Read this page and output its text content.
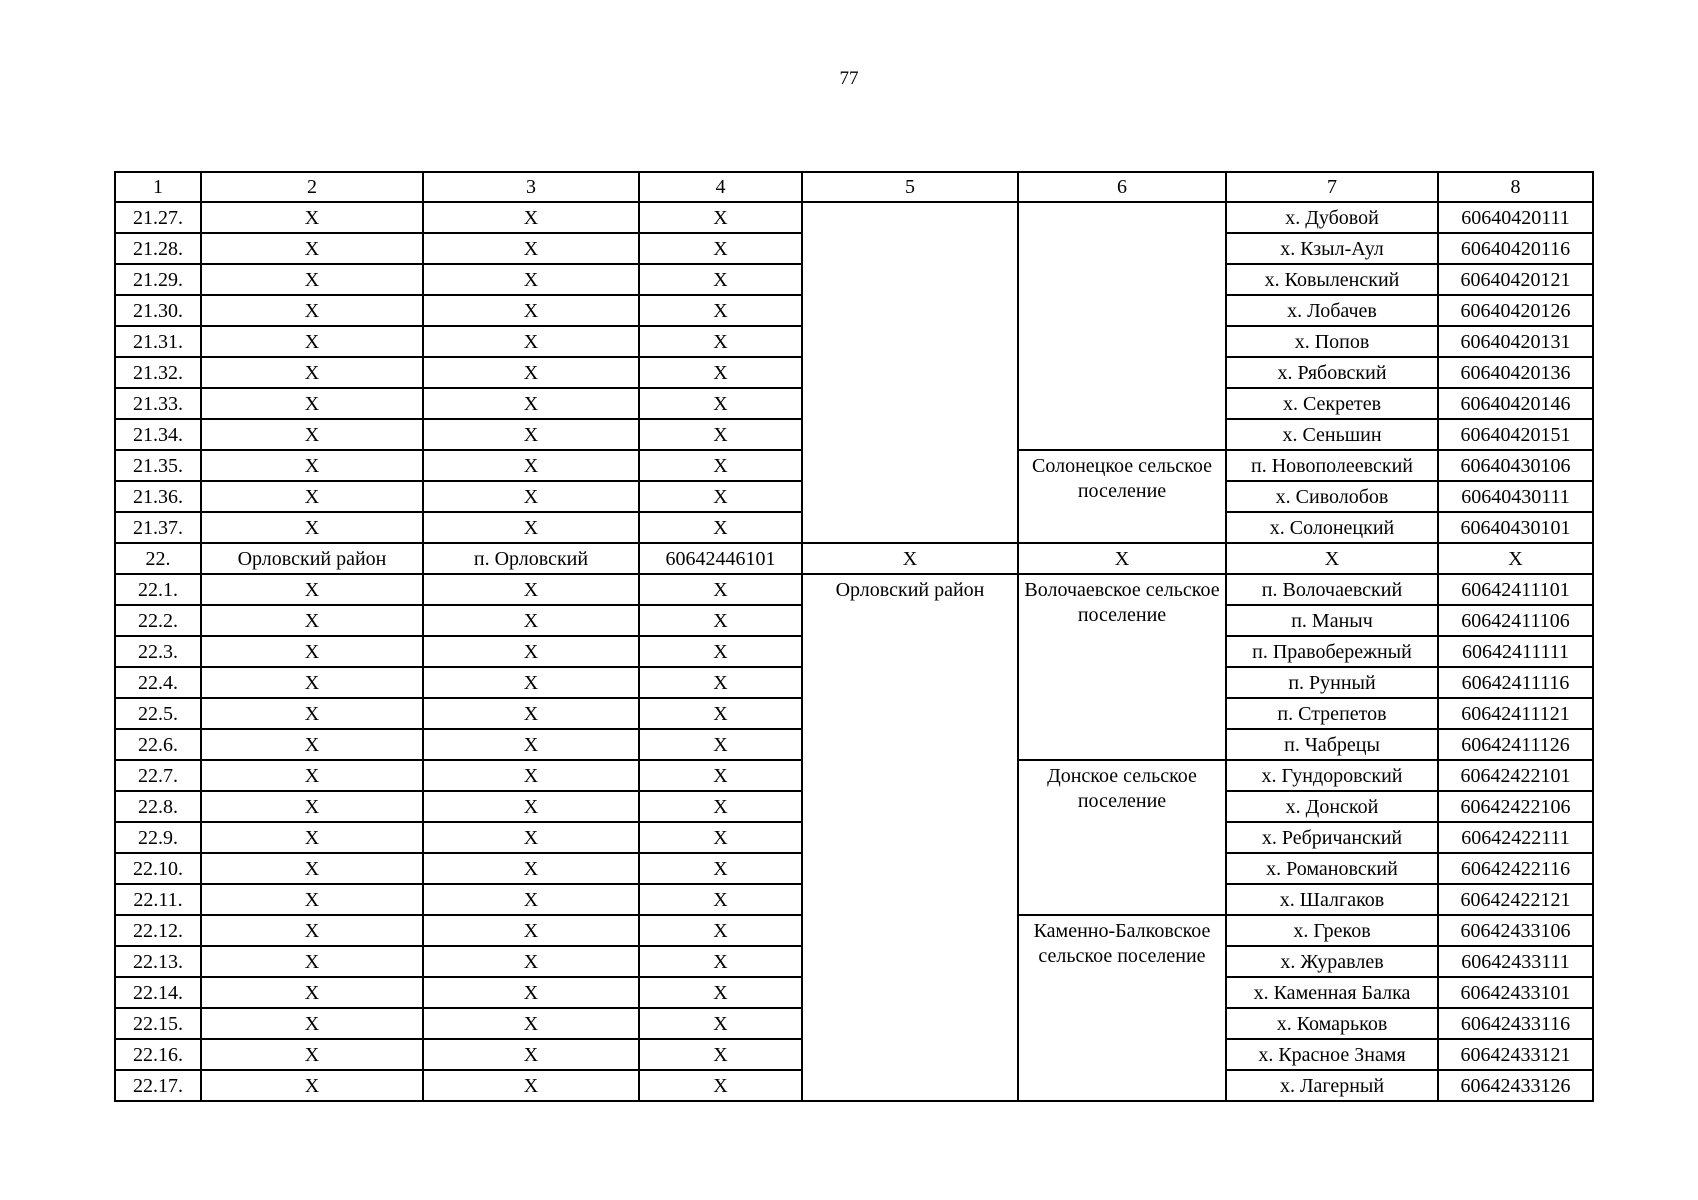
77
1	2	3	4	5	6	7	8
21.27.	X	X	X			х. Дубовой	60640420111
21.28.	X	X	X			х. Кзыл-Аул	60640420116
21.29.	X	X	X			х. Ковыленский	60640420121
21.30.	X	X	X			х. Лобачев	60640420126
21.31.	X	X	X			х. Попов	60640420131
21.32.	X	X	X			х. Рябовский	60640420136
21.33.	X	X	X			х. Секретев	60640420146
21.34.	X	X	X			х. Сеньшин	60640420151
21.35.	X	X	X		Солонецкое сельское поселение	п. Новополеевский	60640430106
21.36.	X	X	X			х. Сиволобов	60640430111
21.37.	X	X	X			х. Солонецкий	60640430101
22.	Орловский район	п. Орловский	60642446101	X	X	X	X
22.1.	X	X	X	Орловский район	Волочаевское сельское поселение	п. Волочаевский	60642411101
22.2.	X	X	X			п. Маныч	60642411106
22.3.	X	X	X			п. Правобережный	60642411111
22.4.	X	X	X			п. Рунный	60642411116
22.5.	X	X	X			п. Стрепетов	60642411121
22.6.	X	X	X			п. Чабрецы	60642411126
22.7.	X	X	X		Донское сельское поселение	х. Гундоровский	60642422101
22.8.	X	X	X			х. Донской	60642422106
22.9.	X	X	X			х. Ребричанский	60642422111
22.10.	X	X	X			х. Романовский	60642422116
22.11.	X	X	X			х. Шалгаков	60642422121
22.12.	X	X	X		Каменно-Балковское сельское поселение	х. Греков	60642433106
22.13.	X	X	X			х. Журавлев	60642433111
22.14.	X	X	X			х. Каменная Балка	60642433101
22.15.	X	X	X			х. Комарьков	60642433116
22.16.	X	X	X			х. Красное Знамя	60642433121
22.17.	X	X	X			х. Лагерный	60642433126
